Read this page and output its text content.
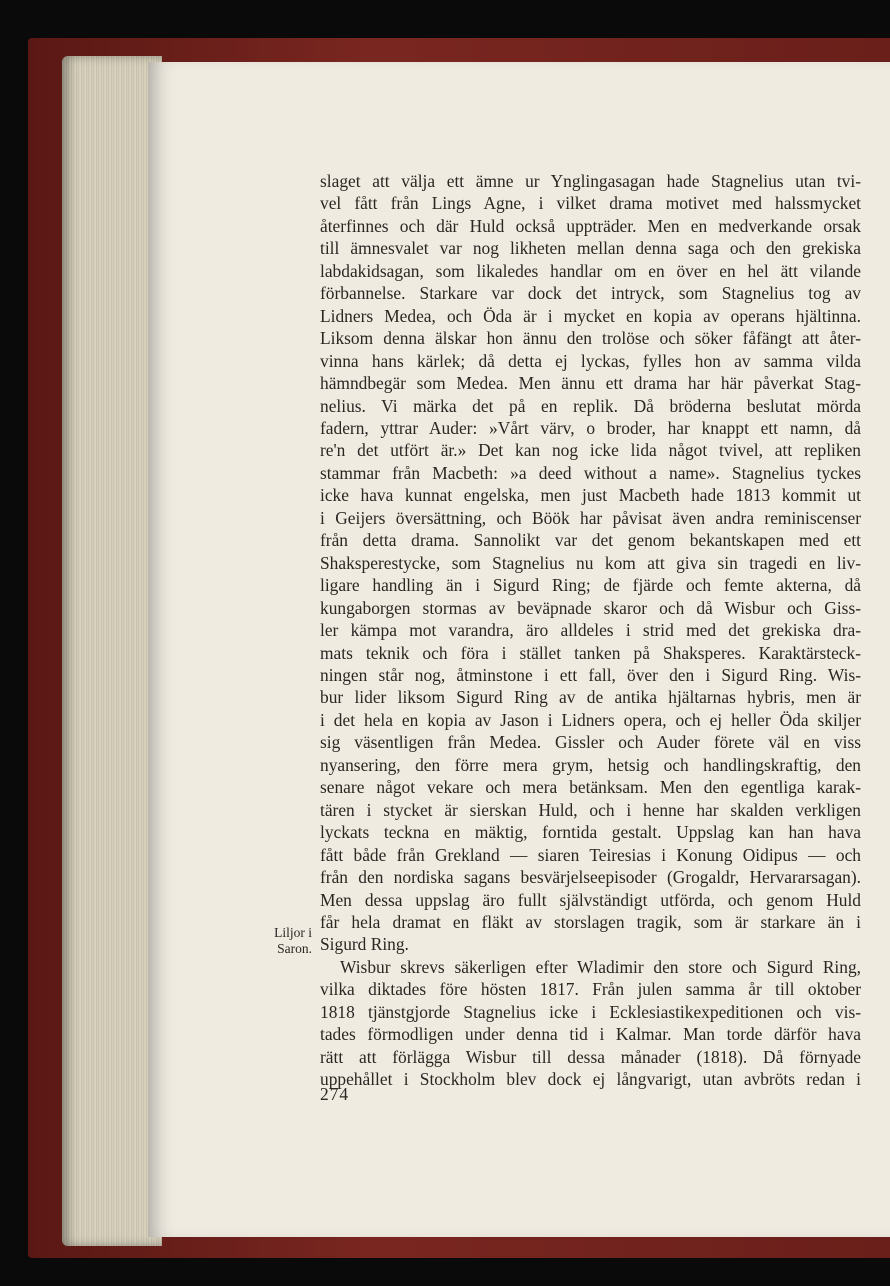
slaget att välja ett ämne ur Ynglingasagan hade Stagnelius utan tvi-
vel fått från Lings Agne, i vilket drama motivet med halssmycket
återfinnes och där Huld också uppträder. Men en medverkande orsak
till ämnesvalet var nog likheten mellan denna saga och den grekiska
labdakidsagan, som likaledes handlar om en över en hel ätt vilande
förbannelse. Starkare var dock det intryck, som Stagnelius tog av
Lidners Medea, och Öda är i mycket en kopia av operans hjältinna.
Liksom denna älskar hon ännu den trolöse och söker fåfängt att åter-
vinna hans kärlek; då detta ej lyckas, fylles hon av samma vilda
hämndbegär som Medea. Men ännu ett drama har här påverkat Stag-
nelius. Vi märka det på en replik. Då bröderna beslutat mörda
fadern, yttrar Auder: »Vårt värv, o broder, har knappt ett namn, då
re'n det utfört är.» Det kan nog icke lida något tvivel, att repliken
stammar från Macbeth: »a deed without a name». Stagnelius tyckes
icke hava kunnat engelska, men just Macbeth hade 1813 kommit ut
i Geijers översättning, och Böök har påvisat även andra reminiscenser
från detta drama. Sannolikt var det genom bekantskapen med ett
Shaksperestycke, som Stagnelius nu kom att giva sin tragedi en liv-
ligare handling än i Sigurd Ring; de fjärde och femte akterna, då
kungaborgen stormas av beväpnade skaror och då Wisbur och Giss-
ler kämpa mot varandra, äro alldeles i strid med det grekiska dra-
mats teknik och föra i stället tanken på Shaksperes. Karaktärsteck-
ningen står nog, åtminstone i ett fall, över den i Sigurd Ring. Wis-
bur lider liksom Sigurd Ring av de antika hjältarnas hybris, men är
i det hela en kopia av Jason i Lidners opera, och ej heller Öda skiljer
sig väsentligen från Medea. Gissler och Auder förete väl en viss
nyansering, den förre mera grym, hetsig och handlingskraftig, den
senare något vekare och mera betänksam. Men den egentliga karak-
tären i stycket är sierskan Huld, och i henne har skalden verkligen
lyckats teckna en mäktig, forntida gestalt. Uppslag kan han hava
fått både från Grekland — siaren Teiresias i Konung Oidipus — och
från den nordiska sagans besvärjelseepisoder (Grogaldr, Hervararsagan).
Men dessa uppslag äro fullt självständigt utförda, och genom Huld
får hela dramat en fläkt av storslagen tragik, som är starkare än i
Sigurd Ring.
Wisbur skrevs säkerligen efter Wladimir den store och Sigurd Ring,
vilka diktades före hösten 1817. Från julen samma år till oktober
1818 tjänstgjorde Stagnelius icke i Ecklesiastikexpeditionen och vis-
tades förmodligen under denna tid i Kalmar. Man torde därför hava
rätt att förlägga Wisbur till dessa månader (1818). Då förnyade
uppehållet i Stockholm blev dock ej långvarigt, utan avbröts redan i
Liljor i Saron.
274
